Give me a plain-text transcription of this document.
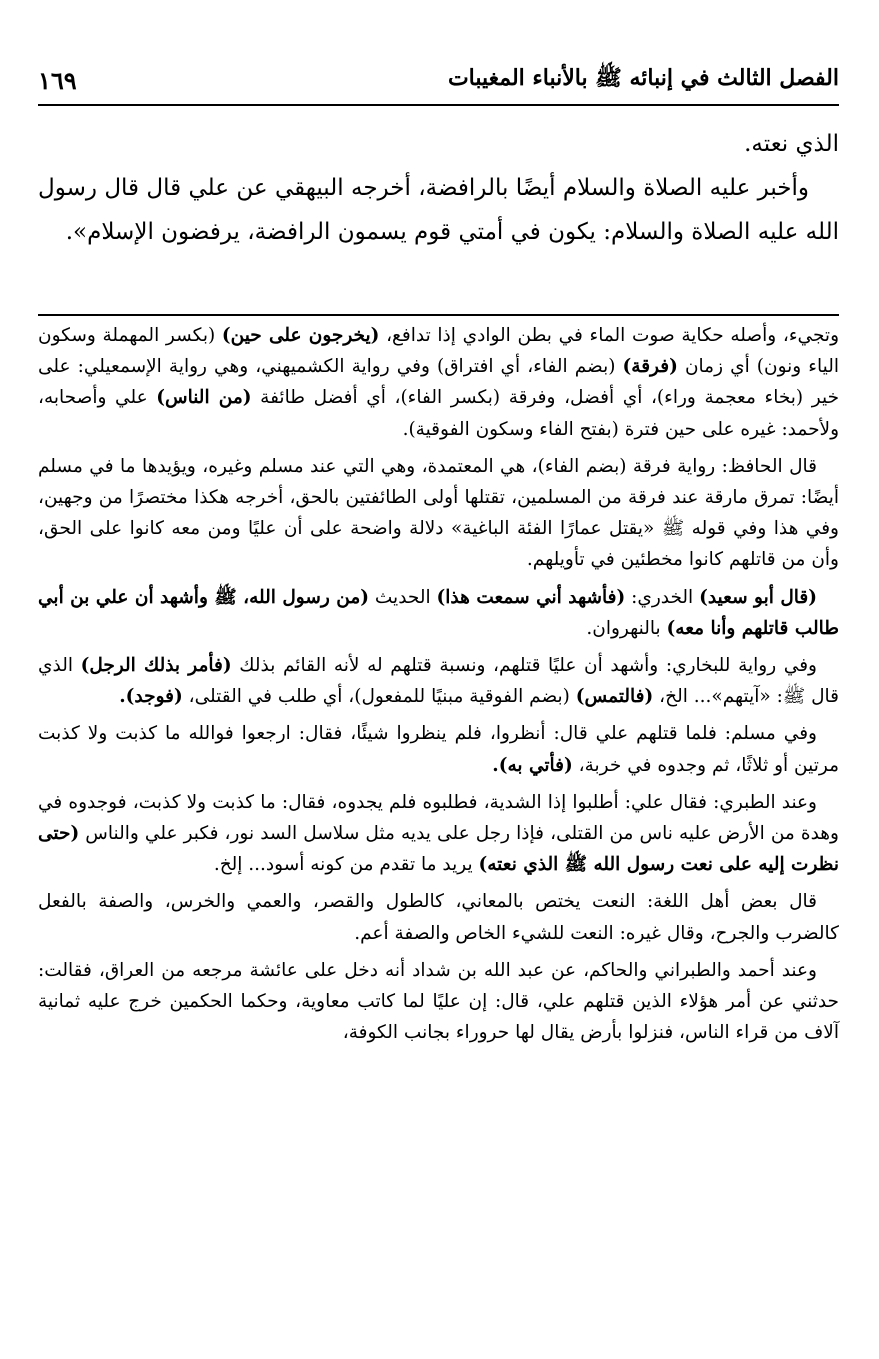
الفصل الثالث في إنبائه ﷺ بالأنباء المغيبات
١٦٩

الذي نعته.

وأخبر عليه الصلاة والسلام أيضًا بالرافضة، أخرجه البيهقي عن علي قال قال رسول الله عليه الصلاة والسلام: يكون في أمتي قوم يسمون الرافضة، يرفضون الإسلام».

وتجيء، وأصله حكاية صوت الماء في بطن الوادي إذا تدافع، (يخرجون على حين) (بكسر المهملة وسكون الياء ونون) أي زمان (فرقة) (بضم الفاء، أي افتراق) وفي رواية الكشميهني، وهي رواية الإسمعيلي: على خير (بخاء معجمة وراء)، أي أفضل، وفرقة (بكسر الفاء)، أي أفضل طائفة (من الناس) علي وأصحابه، ولأحمد: غيره على حين فترة (بفتح الفاء وسكون الفوقية).

قال الحافظ: رواية فرقة (بضم الفاء)، هي المعتمدة، وهي التي عند مسلم وغيره، ويؤيدها ما في مسلم أيضًا: تمرق مارقة عند فرقة من المسلمين، تقتلها أولى الطائفتين بالحق، أخرجه هكذا مختصرًا من وجهين، وفي هذا وفي قوله ﷺ «يقتل عمارًا الفئة الباغية» دلالة واضحة على أن عليًا ومن معه كانوا على الحق، وأن من قاتلهم كانوا مخطئين في تأويلهم.

(قال أبو سعيد) الخدري: (فأشهد أني سمعت هذا) الحديث (من رسول الله، ﷺ وأشهد أن علي بن أبي طالب قاتلهم وأنا معه) بالنهروان.

وفي رواية للبخاري: وأشهد أن عليًا قتلهم، ونسبة قتلهم له لأنه القائم بذلك (فأمر بذلك الرجل) الذي قال ﷺ: «آيتهم»... الخ، (فالتمس) (بضم الفوقية مبنيًا للمفعول)، أي طلب في القتلى، (فوجد).

وفي مسلم: فلما قتلهم علي قال: أنظروا، فلم ينظروا شيئًا، فقال: ارجعوا فوالله ما كذبت ولا كذبت مرتين أو ثلاثًا، ثم وجدوه في خربة، (فأتي به).

وعند الطبري: فقال علي: أطلبوا إذا الشدية، فطلبوه فلم يجدوه، فقال: ما كذبت ولا كذبت، فوجدوه في وهدة من الأرض عليه ناس من القتلى، فإذا رجل على يديه مثل سلاسل السد نور، فكبر علي والناس (حتى نظرت إليه على نعت رسول الله ﷺ الذي نعته) يريد ما تقدم من كونه أسود... إلخ.

قال بعض أهل اللغة: النعت يختص بالمعاني، كالطول والقصر، والعمي والخرس، والصفة بالفعل كالضرب والجرح، وقال غيره: النعت للشيء الخاص والصفة أعم.

وعند أحمد والطبراني والحاكم، عن عبد الله بن شداد أنه دخل على عائشة مرجعه من العراق، فقالت: حدثني عن أمر هؤلاء الذين قتلهم علي، قال: إن عليًا لما كاتب معاوية، وحكما الحكمين خرج عليه ثمانية آلاف من قراء الناس، فنزلوا بأرض يقال لها حروراء بجانب الكوفة،
